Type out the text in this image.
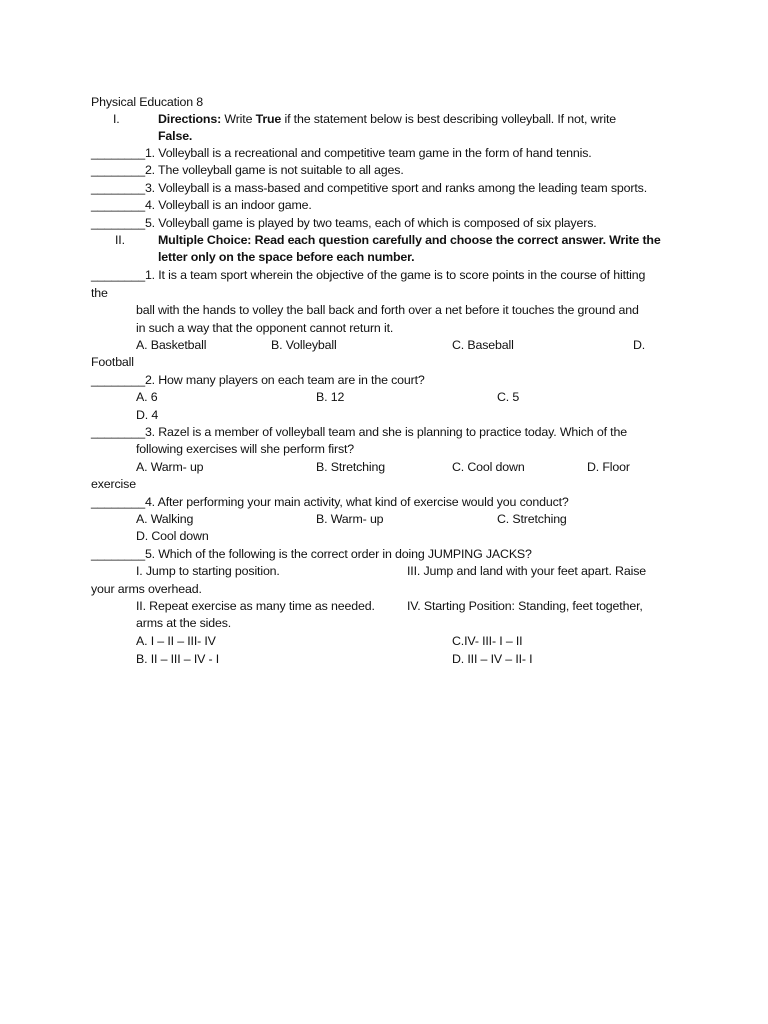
Physical Education 8
I.	Directions: Write True if the statement below is best describing volleyball. If not, write
False.
________1. Volleyball is a recreational and competitive team game in the form of hand tennis.
________2. The volleyball game is not suitable to all ages.
________3. Volleyball is a mass-based and competitive sport and ranks among the leading team sports.
________4. Volleyball is an indoor game.
________5. Volleyball game is played by two teams, each of which is composed of six players.
II.	Multiple Choice: Read each question carefully and choose the correct answer. Write the
letter only on the space before each number.
________1. It is a team sport wherein the objective of the game is to score points in the course of hitting
the
ball with the hands to volley the ball back and forth over a net before it touches the ground and
in such a way that the opponent cannot return it.
A. Basketball	B. Volleyball	C. Baseball	D.
Football
________2. How many players on each team are in the court?
A. 6	B. 12	C. 5
D. 4
________3. Razel is a member of volleyball team and she is planning to practice today. Which of the
following exercises will she perform first?
A. Warm- up	B. Stretching	C. Cool down	D. Floor
exercise
________4. After performing your main activity, what kind of exercise would you conduct?
A. Walking	B. Warm- up	C. Stretching
D. Cool down
________5. Which of the following is the correct order in doing JUMPING JACKS?
I. Jump to starting position.	III. Jump and land with your feet apart. Raise
your arms overhead.
II. Repeat exercise as many time as needed.	IV. Starting Position: Standing, feet together,
arms at the sides.
A. I – II – III- IV	C.IV- III- I – II
B. II – III – IV - I	D. III – IV – II- I
